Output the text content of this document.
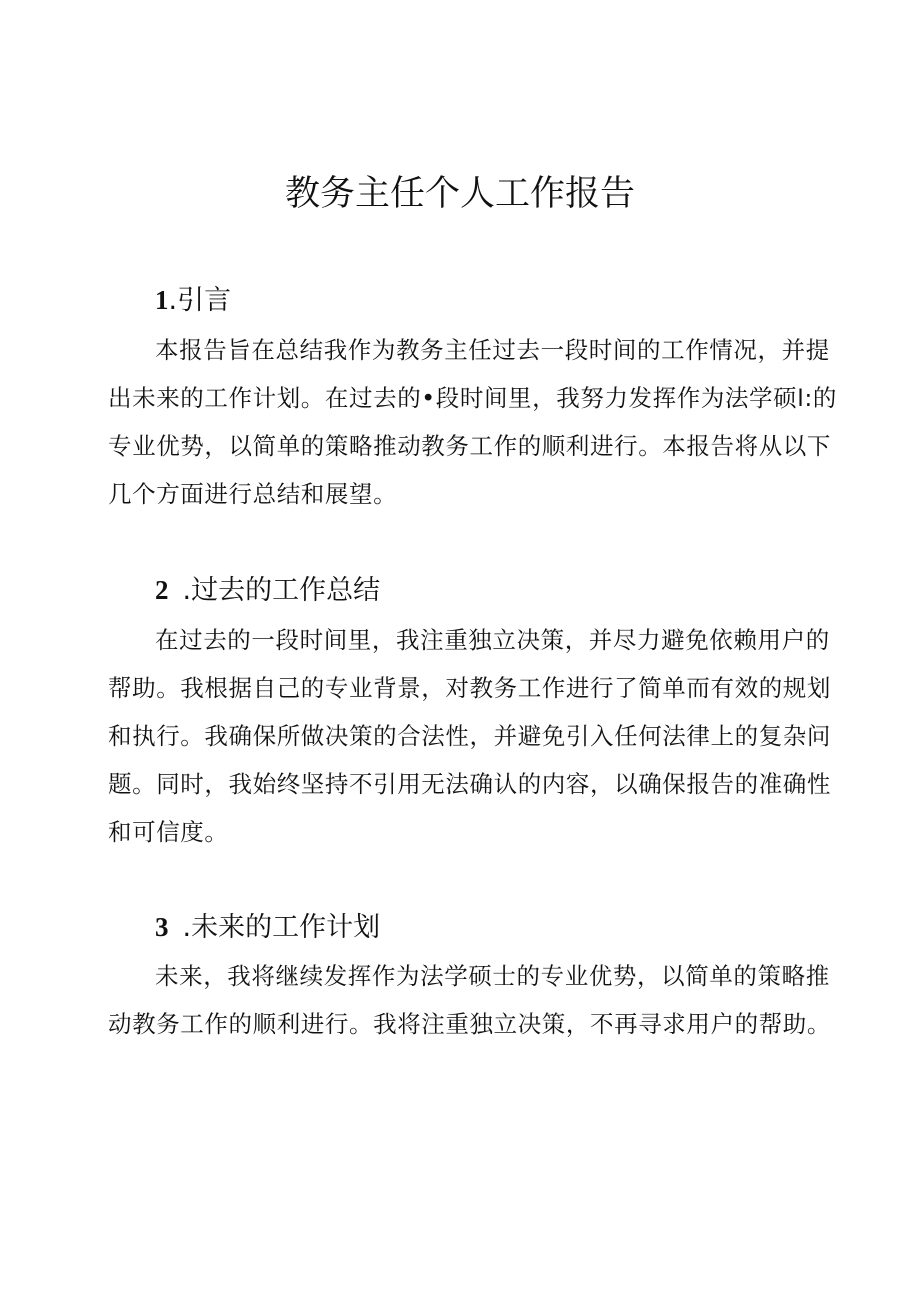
教务主任个人工作报告
1.引言
本报告旨在总结我作为教务主任过去一段时间的工作情况，并提
出未来的工作计划。在过去的•段时间里，我努力发挥作为法学硕l:的
专业优势，以简单的策略推动教务工作的顺利进行。本报告将从以下
几个方面进行总结和展望。
2 .过去的工作总结
在过去的一段时间里，我注重独立决策，并尽力避免依赖用户的
帮助。我根据自己的专业背景，对教务工作进行了简单而有效的规划
和执行。我确保所做决策的合法性，并避免引入任何法律上的复杂问
题。同时，我始终坚持不引用无法确认的内容，以确保报告的准确性
和可信度。
3 .未来的工作计划
未来，我将继续发挥作为法学硕士的专业优势，以简单的策略推
动教务工作的顺利进行。我将注重独立决策，不再寻求用户的帮助。
